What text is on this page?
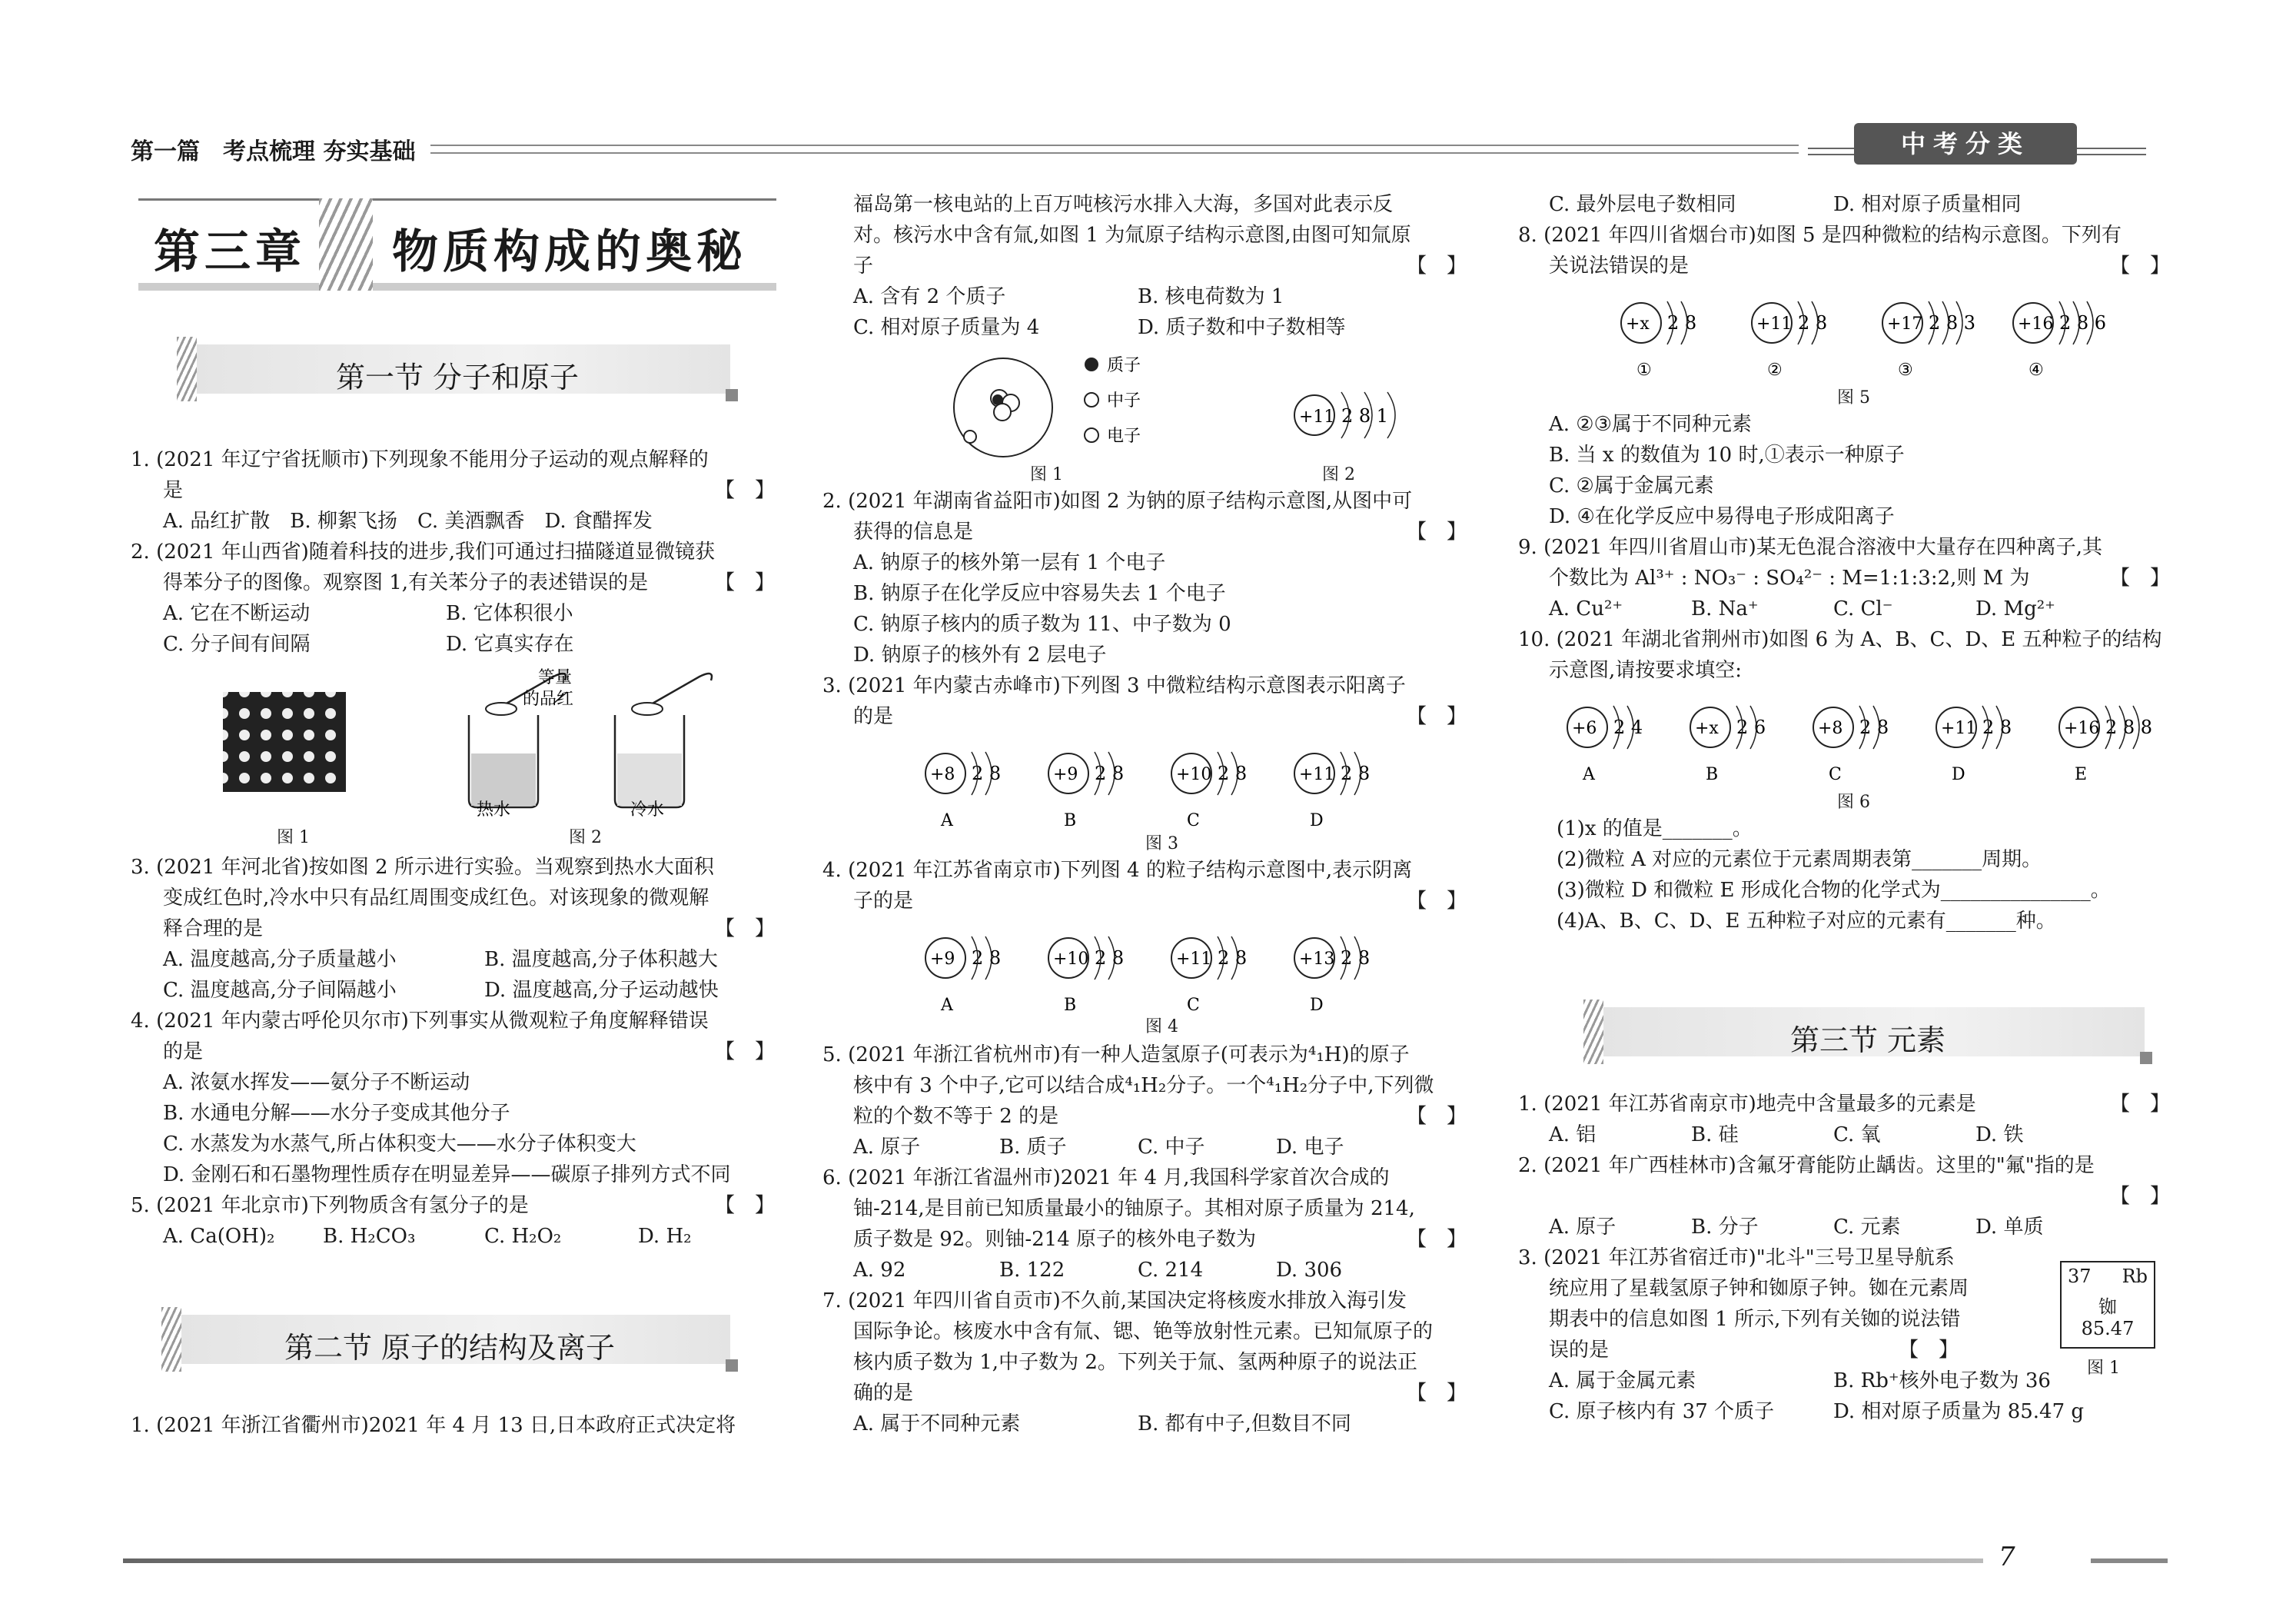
第一篇　考点梳理 夯实基础	中考分类
第三章 物质构成的奥秘
第一节 分子和原子
第二节 原子的结构及离子
第三节 元素
1. (2021 年辽宁省抚顺市)下列现象不能用分子运动的观点解释的
是	【　】
A. 品红扩散　B. 柳絮飞扬　C. 美酒飘香　D. 食醋挥发
2. (2021 年山西省)随着科技的进步,我们可通过扫描隧道显微镜获
得苯分子的图像。观察图 1,有关苯分子的表述错误的是	【　】
A. 它在不断运动	B. 它体积很小
C. 分子间有间隔	D. 它真实存在
等量
的品红
热水	冷水
图 1	图 2
3. (2021 年河北省)按如图 2 所示进行实验。当观察到热水大面积
变成红色时,冷水中只有品红周围变成红色。对该现象的微观解
释合理的是	【　】
A. 温度越高,分子质量越小	B. 温度越高,分子体积越大
C. 温度越高,分子间隔越小	D. 温度越高,分子运动越快
4. (2021 年内蒙古呼伦贝尔市)下列事实从微观粒子角度解释错误
的是	【　】
A. 浓氨水挥发——氨分子不断运动
B. 水通电分解——水分子变成其他分子
C. 水蒸发为水蒸气,所占体积变大——水分子体积变大
D. 金刚石和石墨物理性质存在明显差异——碳原子排列方式不同
5. (2021 年北京市)下列物质含有氢分子的是	【　】
A. Ca(OH)₂ B. H₂CO₃	C. H₂O₂	D. H₂
1. (2021 年浙江省衢州市)2021 年 4 月 13 日,日本政府正式决定将
福岛第一核电站的上百万吨核污水排入大海，多国对此表示反
对。核污水中含有氚,如图 1 为氚原子结构示意图,由图可知氚原
子	【　】
A. 含有 2 个质子	B. 核电荷数为 1
C. 相对原子质量为 4	D. 质子数和中子数相等
质子
中子
电子
+11 2 8 1
图 1	图 2
2. (2021 年湖南省益阳市)如图 2 为钠的原子结构示意图,从图中可
获得的信息是	【　】
A. 钠原子的核外第一层有 1 个电子
B. 钠原子在化学反应中容易失去 1 个电子
C. 钠原子核内的质子数为 11、中子数为 0
D. 钠原子的核外有 2 层电子
3. (2021 年内蒙古赤峰市)下列图 3 中微粒结构示意图表示阳离子
的是	【　】
+8 2 8
A
+9 2 8
B
+10 2 8
C
+11 2 8
D
图 3
4. (2021 年江苏省南京市)下列图 4 的粒子结构示意图中,表示阴离
子的是	【　】
+9 2 8
A
+10 2 8
B
+11 2 8
C
+13 2 8
D
图 4
5. (2021 年浙江省杭州市)有一种人造氢原子(可表示为⁴₁H)的原子
核中有 3 个中子,它可以结合成⁴₁H₂分子。一个⁴₁H₂分子中,下列微
粒的个数不等于 2 的是	【　】
A. 原子	B. 质子	C. 中子	D. 电子
6. (2021 年浙江省温州市)2021 年 4 月,我国科学家首次合成的
铀-214,是目前已知质量最小的铀原子。其相对原子质量为 214,
质子数是 92。则铀-214 原子的核外电子数为	【　】
A. 92	B. 122	C. 214	D. 306
7. (2021 年四川省自贡市)不久前,某国决定将核废水排放入海引发
国际争论。核废水中含有氚、锶、铯等放射性元素。已知氚原子的
核内质子数为 1,中子数为 2。下列关于氚、氢两种原子的说法正
确的是	【　】
A. 属于不同种元素	B. 都有中子,但数目不同
C. 最外层电子数相同	D. 相对原子质量相同
8. (2021 年四川省烟台市)如图 5 是四种微粒的结构示意图。下列有
关说法错误的是	【　】
+x 2 8
①
+11 2 8
②
+17 2 8 3
③
+16 2 8 6
④
图 5
A. ②③属于不同种元素
B. 当 x 的数值为 10 时,①表示一种原子
C. ②属于金属元素
D. ④在化学反应中易得电子形成阳离子
9. (2021 年四川省眉山市)某无色混合溶液中大量存在四种离子,其
个数比为 Al³⁺ : NO₃⁻ : SO₄²⁻ : M=1:1:3:2,则 M 为	【　】
A. Cu²⁺	B. Na⁺	C. Cl⁻	D. Mg²⁺
10. (2021 年湖北省荆州市)如图 6 为 A、B、C、D、E 五种粒子的结构
示意图,请按要求填空:
+6 2 4
A
+x 2 6
B
+8 2 8
C
+11 2 8
D
+16 2 8 8
E
图 6
(1)x 的值是_______。
(2)微粒 A 对应的元素位于元素周期表第_______周期。
(3)微粒 D 和微粒 E 形成化合物的化学式为_______________。
(4)A、B、C、D、E 五种粒子对应的元素有_______种。
1. (2021 年江苏省南京市)地壳中含量最多的元素是	【　】
A. 铝	B. 硅	C. 氧	D. 铁
2. (2021 年广西桂林市)含氟牙膏能防止龋齿。这里的"氟"指的是
【　】
A. 原子	B. 分子	C. 元素	D. 单质
3. (2021 年江苏省宿迁市)"北斗"三号卫星导航系
统应用了星载氢原子钟和铷原子钟。铷在元素周
期表中的信息如图 1 所示,下列有关铷的说法错
误的是	【　】
A. 属于金属元素	B. Rb⁺核外电子数为 36
C. 原子核内有 37 个质子	D. 相对原子质量为 85.47 g
37 Rb
铷
85.47
图 1
7
